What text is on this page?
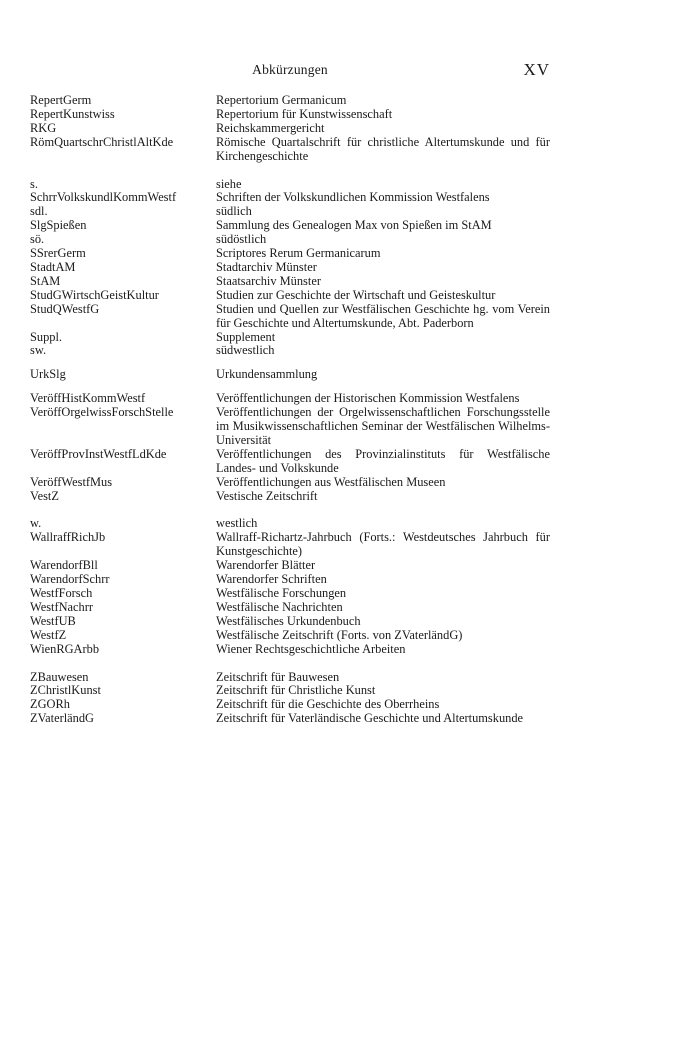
Abkürzungen	XV
RepertGerm	Repertorium Germanicum
RepertKunstwiss	Repertorium für Kunstwissenschaft
RKG	Reichskammergericht
RömQuartschrChristlAltKde	Römische Quartalschrift für christliche Altertumskunde und für Kirchengeschichte
s.	siehe
SchrrVolkskundlKommWestf	Schriften der Volkskundlichen Kommission Westfalens
sdl.	südlich
SlgSpießen	Sammlung des Genealogen Max von Spießen im StAM
sö.	südöstlich
SSrerGerm	Scriptores Rerum Germanicarum
StadtAM	Stadtarchiv Münster
StAM	Staatsarchiv Münster
StudGWirtschGeistKultur	Studien zur Geschichte der Wirtschaft und Geisteskultur
StudQWestfG	Studien und Quellen zur Westfälischen Geschichte hg. vom Verein für Geschichte und Altertumskunde, Abt. Paderborn
Suppl.	Supplement
sw.	südwestlich
UrkSlg	Urkundensammlung
VeröffHistKommWestf	Veröffentlichungen der Historischen Kommission Westfalens
VeröffOrgelwissForschStelle	Veröffentlichungen der Orgelwissenschaftlichen Forschungsstelle im Musikwissenschaftlichen Seminar der Westfälischen Wilhelms-Universität
VeröffProvInstWestfLdKde	Veröffentlichungen des Provinzialinstituts für Westfälische Landes- und Volkskunde
VeröffWestfMus	Veröffentlichungen aus Westfälischen Museen
VestZ	Vestische Zeitschrift
w.	westlich
WallraffRichJb	Wallraff-Richartz-Jahrbuch (Forts.: Westdeutsches Jahrbuch für Kunstgeschichte)
WarendorfBll	Warendorfer Blätter
WarendorfSchrr	Warendorfer Schriften
WestfForsch	Westfälische Forschungen
WestfNachrr	Westfälische Nachrichten
WestfUB	Westfälisches Urkundenbuch
WestfZ	Westfälische Zeitschrift (Forts. von ZVaterländG)
WienRGArbb	Wiener Rechtsgeschichtliche Arbeiten
ZBauwesen	Zeitschrift für Bauwesen
ZChristlKunst	Zeitschrift für Christliche Kunst
ZGORh	Zeitschrift für die Geschichte des Oberrheins
ZVaterländG	Zeitschrift für Vaterländische Geschichte und Altertumskunde
